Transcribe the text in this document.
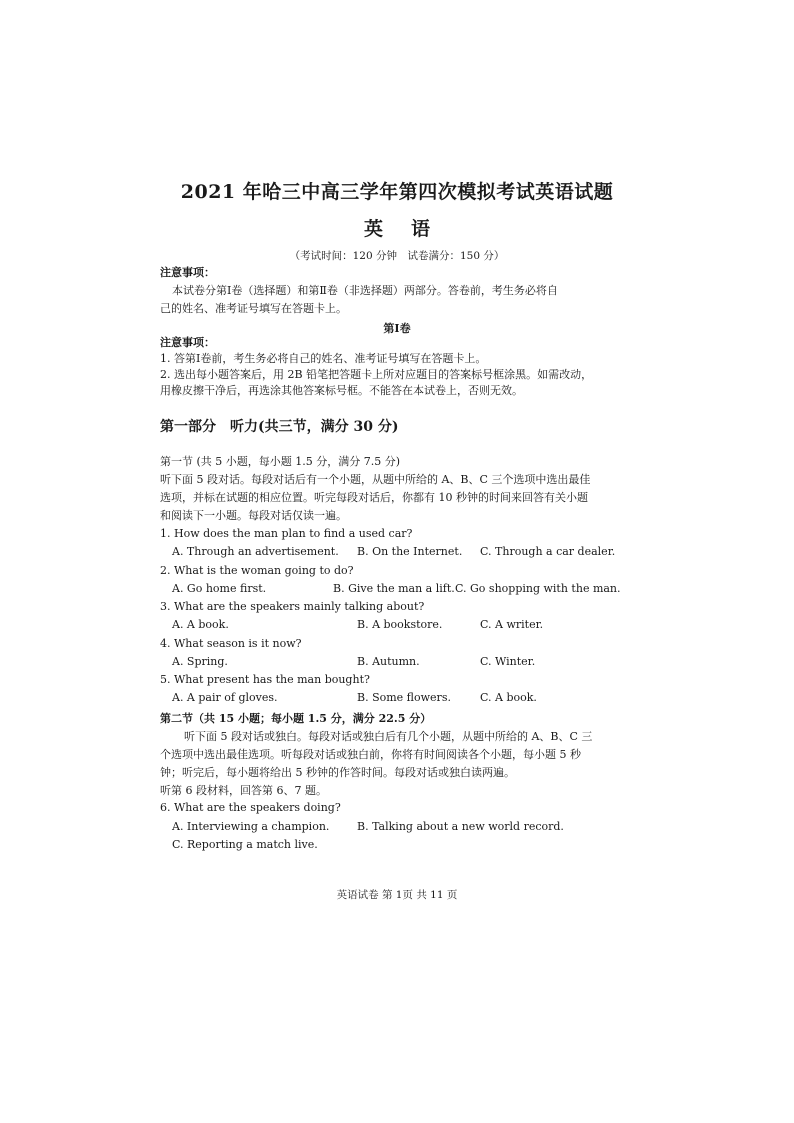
2021 年哈三中高三学年第四次模拟考试英语试题
英语
（考试时间：120 分钟　试卷满分：150 分）
注意事项：
本试卷分第Ⅰ卷（选择题）和第Ⅱ卷（非选择题）两部分。答卷前，考生务必将自
己的姓名、准考证号填写在答题卡上。
第Ⅰ卷
注意事项：
1. 答第Ⅰ卷前，考生务必将自己的姓名、准考证号填写在答题卡上。
2. 选出每小题答案后，用 2B 铅笔把答题卡上所对应题目的答案标号框涂黑。如需改动，
用橡皮擦干净后，再选涂其他答案标号框。不能答在本试卷上，否则无效。
第一部分　听力(共三节，满分 30 分)
第一节 (共 5 小题，每小题 1.5 分，满分 7.5 分)
听下面 5 段对话。每段对话后有一个小题，从题中所给的 A、B、C 三个选项中选出最佳
选项，并标在试题的相应位置。听完每段对话后，你都有 10 秒钟的时间来回答有关小题
和阅读下一小题。每段对话仅读一遍。
1. How does the man plan to find a used car?
A. Through an advertisement. B. On the Internet. C. Through a car dealer.
2. What is the woman going to do?
A. Go home first.	B. Give the man a lift. C. Go shopping with the man.
3. What are the speakers mainly talking about?
A. A book.	B. A bookstore.	C. A writer.
4. What season is it now?
A. Spring.	B. Autumn.	C. Winter.
5. What present has the man bought?
A. A pair of gloves.	B. Some flowers.	C. A book.
第二节（共 15 小题；每小题 1.5 分，满分 22.5 分）
听下面 5 段对话或独白。每段对话或独白后有几个小题，从题中所给的 A、B、C 三
个选项中选出最佳选项。听每段对话或独白前，你将有时间阅读各个小题，每小题 5 秒
钟；听完后，每小题将给出 5 秒钟的作答时间。每段对话或独白读两遍。
听第 6 段材料，回答第 6、7 题。
6. What are the speakers doing?
A. Interviewing a champion.	B. Talking about a new world record.
C. Reporting a match live.
英语试卷 第 1页 共 11 页
